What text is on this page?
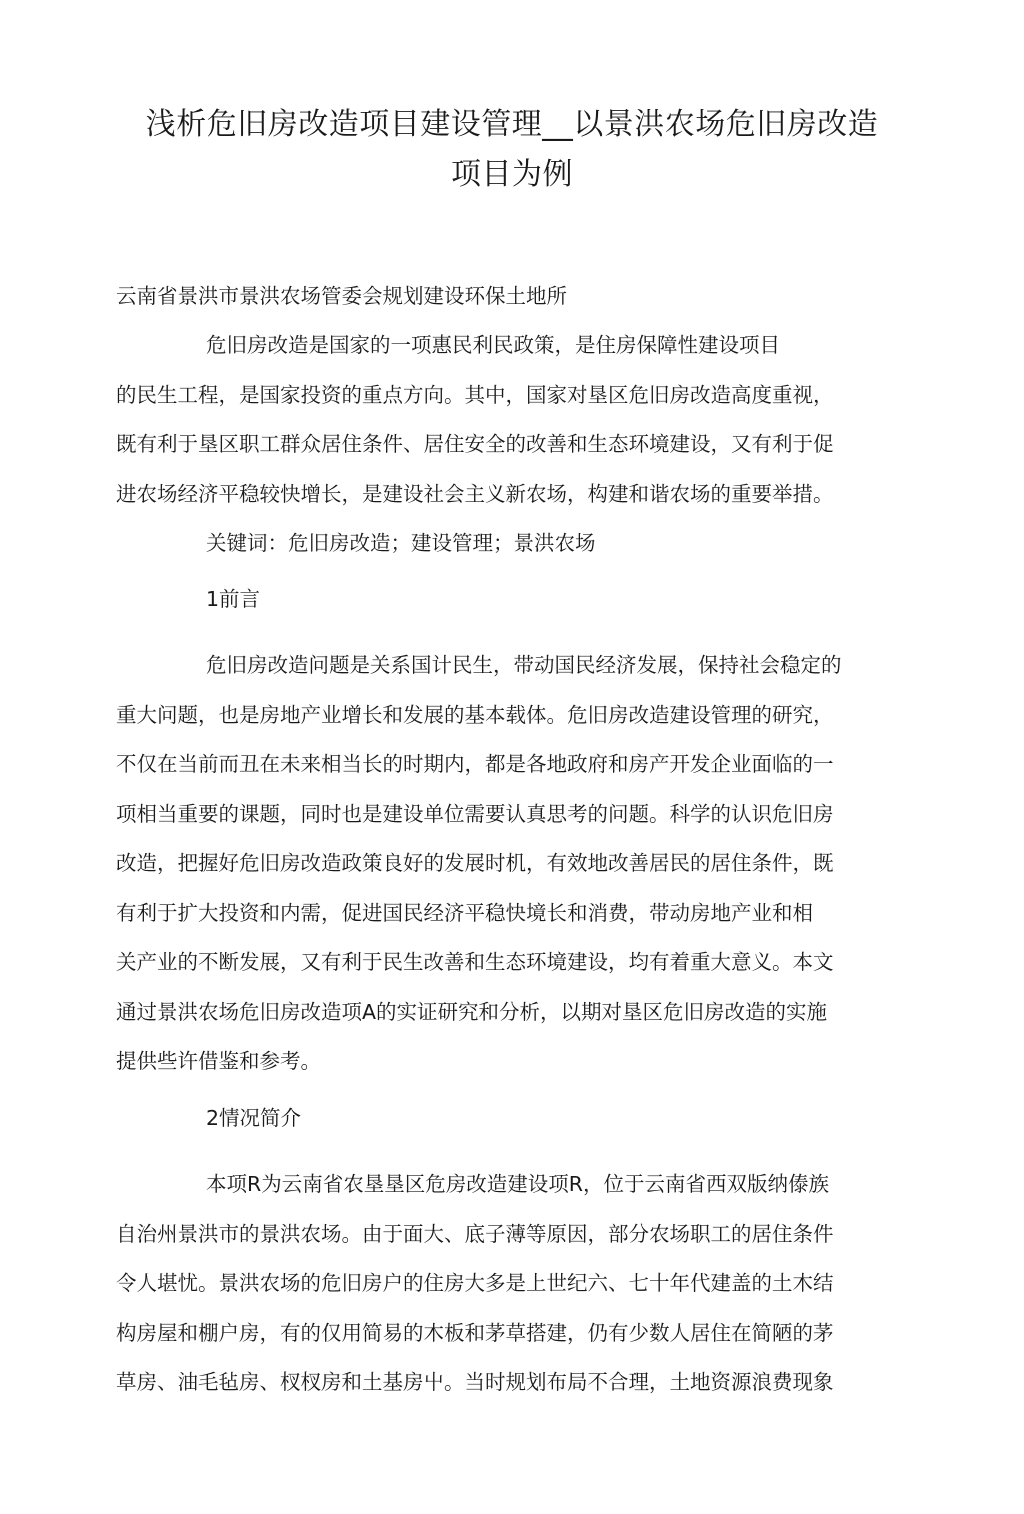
浅析危旧房改造项目建设管理__以景洪农场危旧房改造
项目为例
云南省景洪市景洪农场管委会规划建设环保土地所
危旧房改造是国家的一项惠民利民政策，是住房保障性建设项目
的民生工程，是国家投资的重点方向。其中，国家对垦区危旧房改造高度重视，
既有利于垦区职工群众居住条件、居住安全的改善和生态环境建设，又有利于促
进农场经济平稳较快增长，是建设社会主义新农场，构建和谐农场的重要举措。
关键词：危旧房改造；建设管理；景洪农场
1前言
危旧房改造问题是关系国计民生，带动国民经济发展，保持社会稳定的
重大问题，也是房地产业增长和发展的基本载体。危旧房改造建设管理的研究，
不仅在当前而丑在未来相当长的时期内，都是各地政府和房产开发企业面临的一
项相当重要的课题，同时也是建设单位需要认真思考的问题。科学的认识危旧房
改造，把握好危旧房改造政策良好的发展时机，有效地改善居民的居住条件，既
有利于扩大投资和内需，促进国民经济平稳快境长和消费，带动房地产业和相
关产业的不断发展，又有利于民生改善和生态环境建设，均有着重大意义。本文
通过景洪农场危旧房改造项A的实证研究和分析，以期对垦区危旧房改造的实施
提供些许借鉴和参考。
2情况简介
本项R为云南省农垦垦区危房改造建设项R，位于云南省西双版纳傣族
自治州景洪市的景洪农场。由于面大、底子薄等原因，部分农场职工的居住条件
令人堪忧。景洪农场的危旧房户的住房大多是上世纪六、七十年代建盖的土木结
构房屋和棚户房，有的仅用简易的木板和茅草搭建，仍有少数人居住在简陋的茅
草房、油毛毡房、杈杈房和土基房屮。当时规划布局不合理，土地资源浪费现象
